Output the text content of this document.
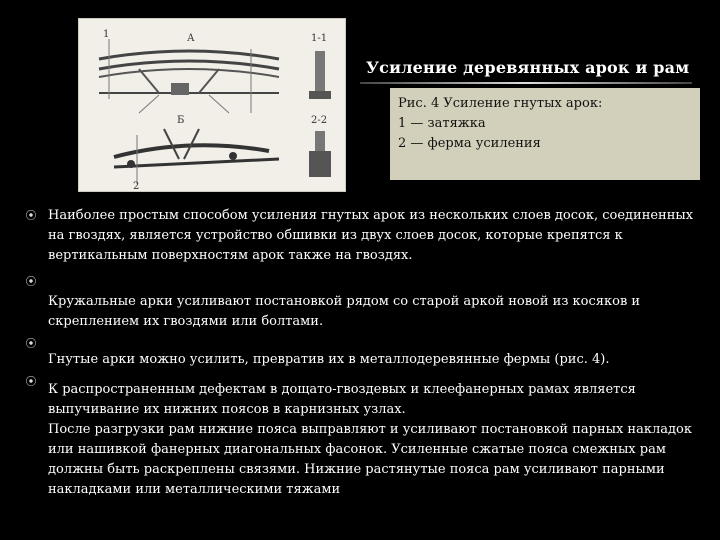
1	А
Б
2
1-1
2-2
Усиление деревянных арок и рам
Рис. 4 Усиление гнутых арок:
1 — затяжка
2 — ферма усиления
⦿ Наиболее простым способом усиления гнутых арок из нескольких слоев досок, соединенных на гвоздях, является устройство обшивки из двух слоев досок, которые крепятся к вертикальным поверхностям арок также на гвоздях.

⦿

Кружальные арки усиливают постановкой рядом со старой аркой новой из косяков и скреплением их гвоздями или болтами.

⦿

Гнутые арки можно усилить, превратив их в металлодеревянные фермы (рис. 4).

⦿

К распространенным дефектам в дощато-гвоздевых и клеефанерных рамах является выпучивание их нижних поясов в карнизных узлах.
После разгрузки рам нижние пояса выправляют и усиливают постановкой парных накладок или нашивкой фанерных диагональных фасонок. Усиленные сжатые пояса смежных рам должны быть раскреплены связями. Нижние растянутые пояса рам усиливают парными накладками или металлическими тяжами
